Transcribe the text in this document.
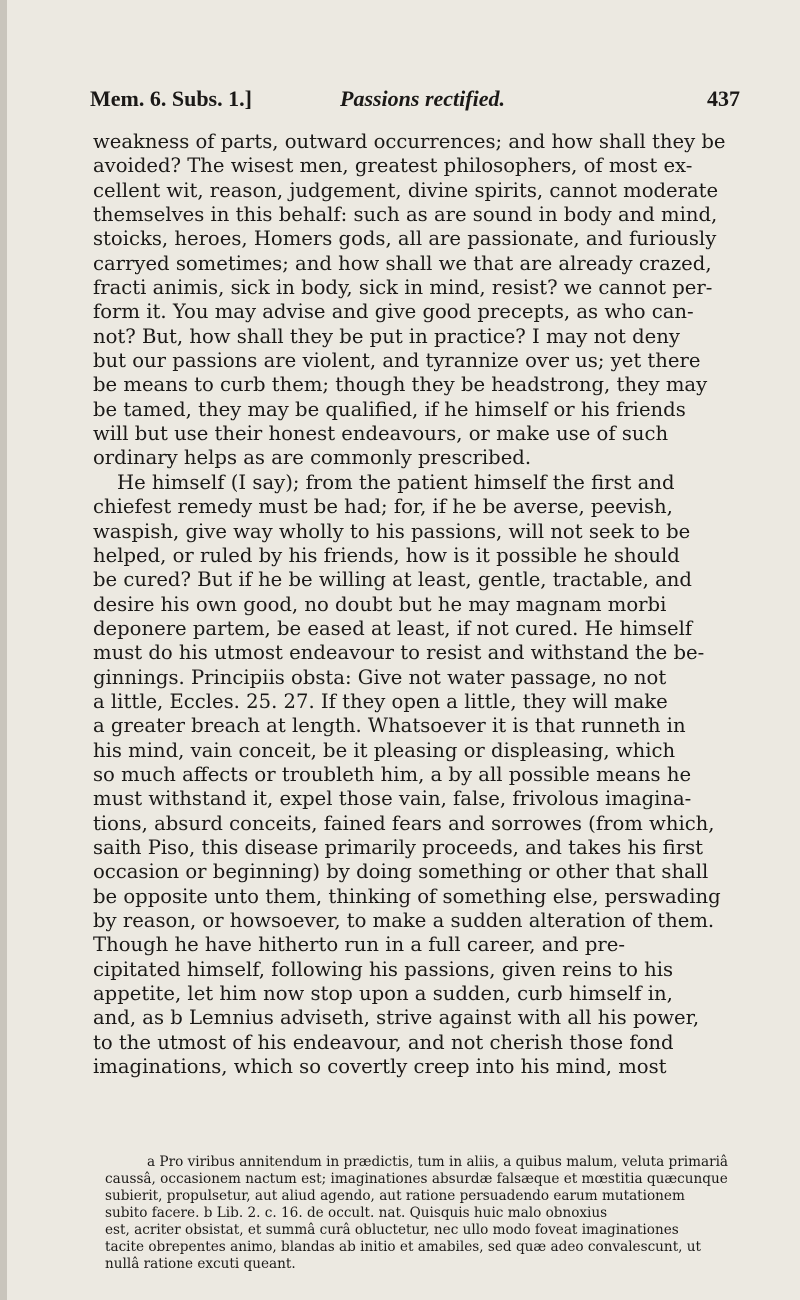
Mem. 6. Subs. 1.]	Passions rectified.	437
weakness of parts, outward occurrences; and how shall they be
avoided? The wisest men, greatest philosophers, of most ex-
cellent wit, reason, judgement, divine spirits, cannot moderate
themselves in this behalf: such as are sound in body and mind,
stoicks, heroes, Homers gods, all are passionate, and furiously
carryed sometimes; and how shall we that are already crazed,
fracti animis, sick in body, sick in mind, resist? we cannot per-
form it. You may advise and give good precepts, as who can-
not? But, how shall they be put in practice? I may not deny
but our passions are violent, and tyrannize over us; yet there
be means to curb them; though they be headstrong, they may
be tamed, they may be qualified, if he himself or his friends
will but use their honest endeavours, or make use of such
ordinary helps as are commonly prescribed.
He himself (I say); from the patient himself the first and
chiefest remedy must be had; for, if he be averse, peevish,
waspish, give way wholly to his passions, will not seek to be
helped, or ruled by his friends, how is it possible he should
be cured? But if he be willing at least, gentle, tractable, and
desire his own good, no doubt but he may magnam morbi
deponere partem, be eased at least, if not cured. He himself
must do his utmost endeavour to resist and withstand the be-
ginnings. Principiis obsta: Give not water passage, no not
a little, Eccles. 25. 27. If they open a little, they will make
a greater breach at length. Whatsoever it is that runneth in
his mind, vain conceit, be it pleasing or displeasing, which
so much affects or troubleth him, a by all possible means he
must withstand it, expel those vain, false, frivolous imagina-
tions, absurd conceits, fained fears and sorrowes (from which,
saith Piso, this disease primarily proceeds, and takes his first
occasion or beginning) by doing something or other that shall
be opposite unto them, thinking of something else, perswading
by reason, or howsoever, to make a sudden alteration of them.
Though he have hitherto run in a full career, and pre-
cipitated himself, following his passions, given reins to his
appetite, let him now stop upon a sudden, curb himself in,
and, as b Lemnius adviseth, strive against with all his power,
to the utmost of his endeavour, and not cherish those fond
imaginations, which so covertly creep into his mind, most
a Pro viribus annitendum in prædictis, tum in aliis, a quibus malum, veluta primariâ
caussâ, occasionem nactum est; imaginationes absurdæ falsæque et mœstitia quæcunque
subierit, propulsetur, aut aliud agendo, aut ratione persuadendo earum mutationem
subito facere. b Lib. 2. c. 16. de occult. nat. Quisquis huic malo obnoxius
est, acriter obsistat, et summâ curâ obluctetur, nec ullo modo foveat imaginationes
tacite obrepentes animo, blandas ab initio et amabiles, sed quæ adeo convalescunt, ut
nullâ ratione excuti queant.
